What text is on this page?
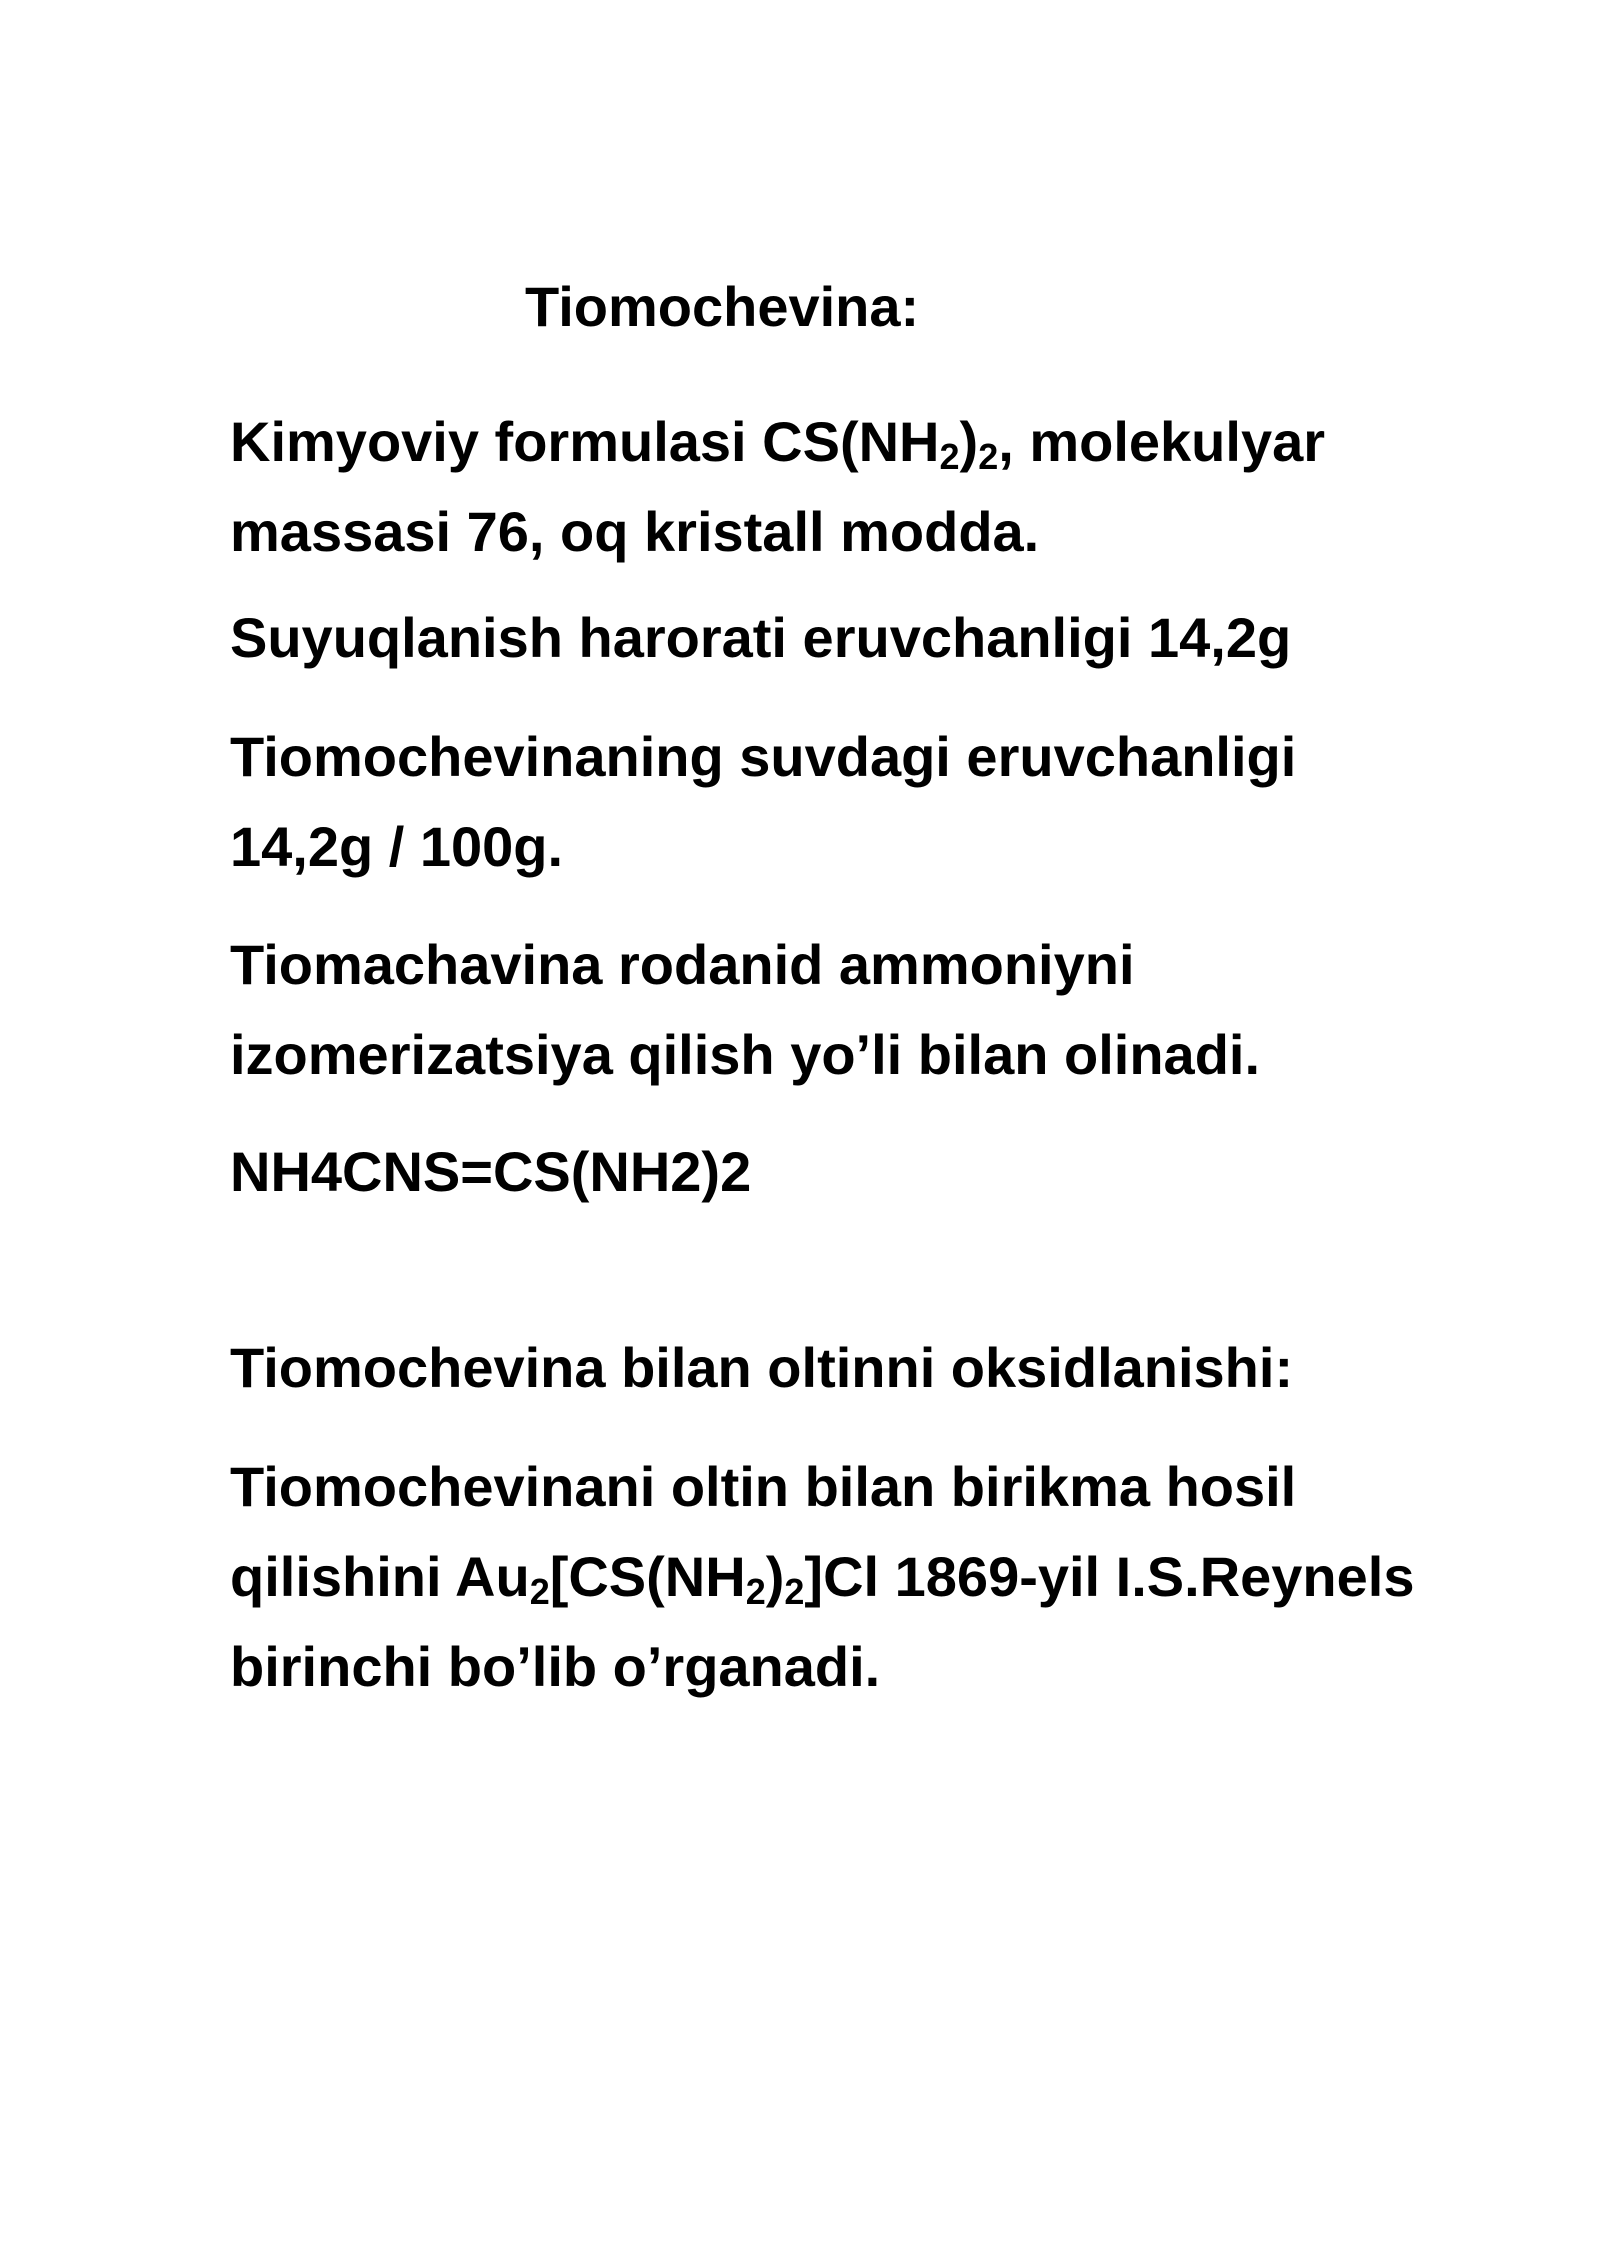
Tiomochevina:
Kimyoviy formulasi $CS(NH_2)_2$, molekulyar
massasi 76, oq kristall modda.
Suyuqlanish harorati eruvchanligi 14,2g
Tiomochevinaning suvdagi eruvchanligi
14,2g / 100g.
Tiomachavina rodanid ammoniyni
izomerizatsiya qilish yo’li bilan olinadi.
NH4CNS=CS(NH2)2
Tiomochevina bilan oltinni oksidlanishi:
Tiomochevinani oltin bilan birikma hosil
qilishini $Au_2[CS(NH_2)_2]Cl$ 1869-yil I.S.Reynels
birinchi bo’lib o’rganadi.
